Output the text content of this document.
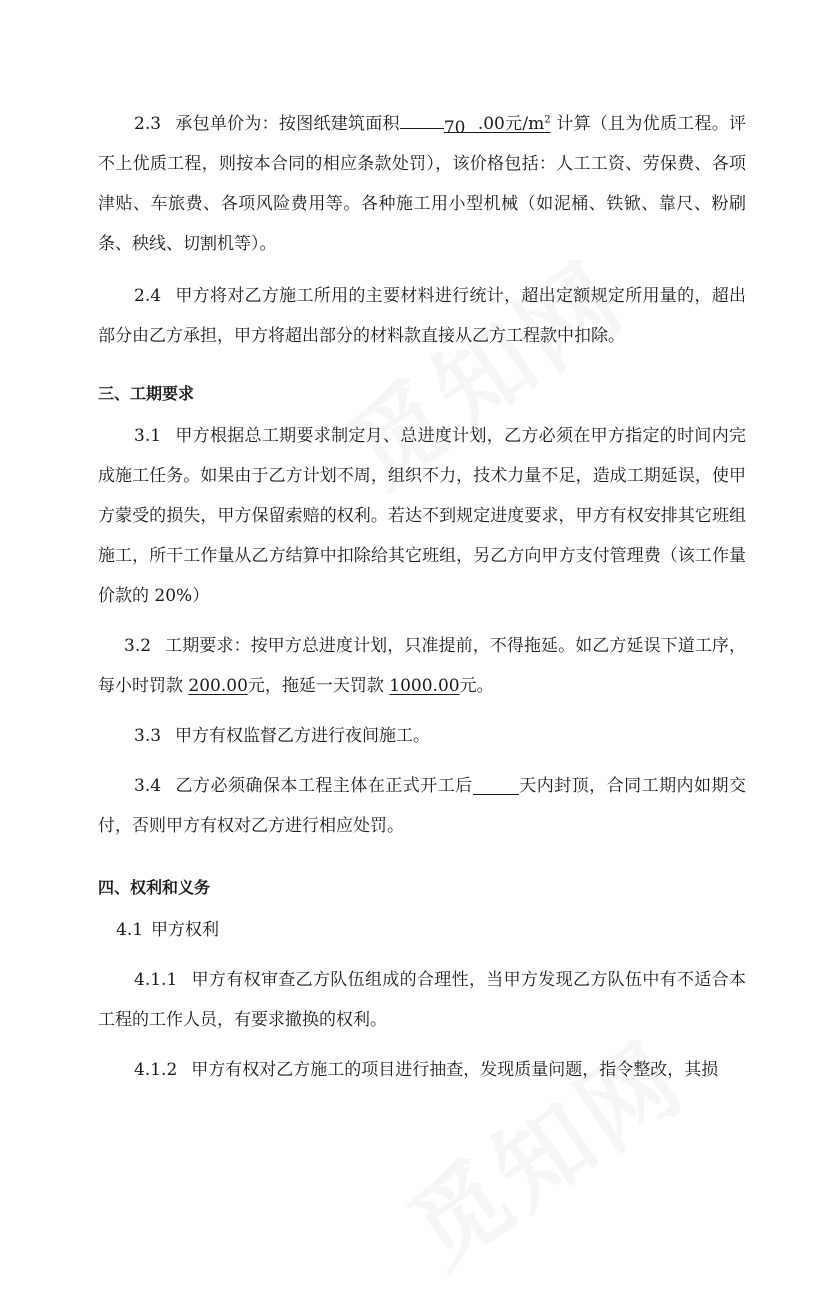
2.3 承包单价为：按图纸建筑面积	70 .00元$/m^2$ 计算（且为优质工程。评不上优质工程，则按本合同的相应条款处罚），该价格包括：人工工资、劳保费、各项津贴、车旅费、各项风险费用等。各种施工用小型机械（如泥桶、铁锨、靠尺、粉刷条、秧线、切割机等）。

2.4 甲方将对乙方施工所用的主要材料进行统计，超出定额规定所用量的，超出部分由乙方承担，甲方将超出部分的材料款直接从乙方工程款中扣除。

三、工期要求

3.1 甲方根据总工期要求制定月、总进度计划，乙方必须在甲方指定的时间内完成施工任务。如果由于乙方计划不周，组织不力，技术力量不足，造成工期延误，使甲方蒙受的损失，甲方保留索赔的权利。若达不到规定进度要求，甲方有权安排其它班组施工，所干工作量从乙方结算中扣除给其它班组，另乙方向甲方支付管理费（该工作量价款的 20%）

3.2 工期要求：按甲方总进度计划，只准提前，不得拖延。如乙方延误下道工序，每小时罚款 200.00元，拖延一天罚款 1000.00元。

3.3 甲方有权监督乙方进行夜间施工。

3.4 乙方必须确保本工程主体在正式开工后	天内封顶，合同工期内如期交付，否则甲方有权对乙方进行相应处罚。

四、权利和义务

4.1 甲方权利

4.1.1 甲方有权审查乙方队伍组成的合理性，当甲方发现乙方队伍中有不适合本工程的工作人员，有要求撤换的权利。

4.1.2 甲方有权对乙方施工的项目进行抽查，发现质量问题，指令整改，其损
